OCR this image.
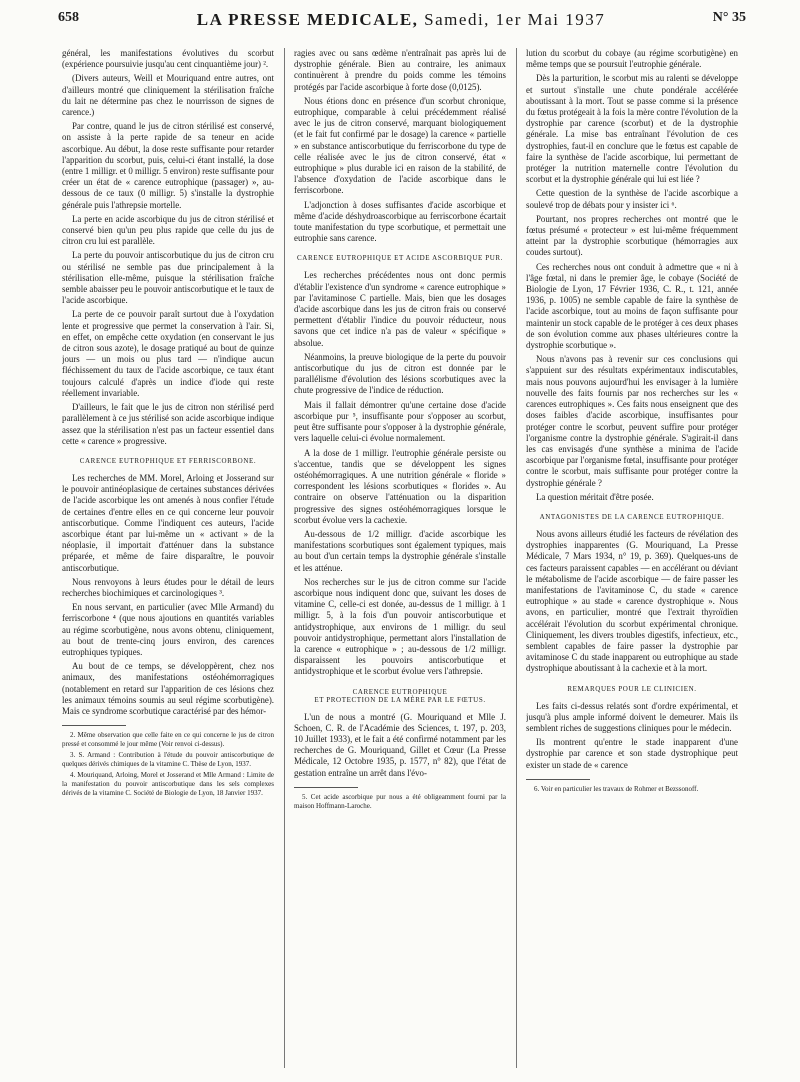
658	LA PRESSE MEDICALE, Samedi, 1er Mai 1937	N° 35

général, les manifestations évolutives du scorbut (expérience poursuivie jusqu'au cent cinquantième jour) ².

(Divers auteurs, Weill et Mouriquand entre autres, ont d'ailleurs montré que cliniquement la stérilisation fraîche du lait ne détermine pas chez le nourrisson de signes de carence.)

Par contre, quand le jus de citron stérilisé est conservé, on assiste à la perte rapide de sa teneur en acide ascorbique. Au début, la dose reste suffisante pour retarder l'apparition du scorbut, puis, celui-ci étant installé, la dose (entre 1 milligr. et 0 milligr. 5 environ) reste suffisante pour créer un état de « carence eutrophique (passager) », au-dessous de ce taux (0 milligr. 5) s'installe la dystrophie générale puis l'athrepsie mortelle.

La perte en acide ascorbique du jus de citron stérilisé et conservé bien qu'un peu plus rapide que celle du jus de citron cru lui est parallèle.

La perte du pouvoir antiscorbutique du jus de citron cru ou stérilisé ne semble pas due principalement à la stérilisation elle-même, puisque la stérilisation fraîche semble abaisser peu le pouvoir antiscorbutique et le taux de l'acide ascorbique.

La perte de ce pouvoir paraît surtout due à l'oxydation lente et progressive que permet la conservation à l'air. Si, en effet, on empêche cette oxydation (en conservant le jus de citron sous azote), le dosage pratiqué au bout de quinze jours — un mois ou plus tard — n'indique aucun fléchissement du taux de l'acide ascorbique, ce taux étant toujours calculé d'après un indice d'iode qui reste réellement invariable.

D'ailleurs, le fait que le jus de citron non stérilisé perd parallèlement à ce jus stérilisé son acide ascorbique indique assez que la stérilisation n'est pas un facteur essentiel dans cette « carence » progressive.

CARENCE EUTROPHIQUE ET FERRISCORBONE.

Les recherches de MM. Morel, Arloing et Josserand sur le pouvoir antinéoplasique de certaines substances dérivées de l'acide ascorbique les ont amenés à nous confier l'étude de certaines d'entre elles en ce qui concerne leur pouvoir antiscorbutique. Comme l'indiquent ces auteurs, l'acide ascorbique étant par lui-même un « activant » de la néoplasie, il importait d'atténuer dans la substance préparée, et même de faire disparaître, le pouvoir antiscorbutique.

Nous renvoyons à leurs études pour le détail de leurs recherches biochimiques et carcinologiques ³.

En nous servant, en particulier (avec Mlle Armand) du ferriscorbone ⁴ (que nous ajoutions en quantités variables au régime scorbutigène, nous avons obtenu, cliniquement, au bout de trente-cinq jours environ, des carences eutrophiques typiques.

Au bout de ce temps, se développèrent, chez nos animaux, des manifestations ostéohémorragiques (notablement en retard sur l'apparition de ces lésions chez les animaux témoins soumis au seul régime scorbutigène). Mais ce syndrome scorbutique caractérisé par des hémor-

2. Même observation que celle faite en ce qui concerne le jus de citron pressé et consommé le jour même (Voir renvoi ci-dessus).

3. S. Armand : Contribution à l'étude du pouvoir antiscorbutique de quelques dérivés chimiques de la vitamine C. Thèse de Lyon, 1937.

4. Mouriquand, Arloing, Morel et Josserand et Mlle Armand : Limite de la manifestation du pouvoir antiscorbutique dans les sels complexes dérivés de la vitamine C. Société de Biologie de Lyon, 18 Janvier 1937.

ragies avec ou sans œdème n'entraînait pas après lui de dystrophie générale. Bien au contraire, les animaux continuèrent à prendre du poids comme les témoins protégés par l'acide ascorbique à forte dose (0,0125).

Nous étions donc en présence d'un scorbut chronique, eutrophique, comparable à celui précédemment réalisé avec le jus de citron conservé, marquant biologiquement (et le fait fut confirmé par le dosage) la carence « partielle » en substance antiscorbutique du ferriscorbone du type de celle réalisée avec le jus de citron conservé, état « eutrophique » plus durable ici en raison de la stabilité, de l'absence d'oxydation de l'acide ascorbique dans le ferriscorbone.

L'adjonction à doses suffisantes d'acide ascorbique et même d'acide déshydroascorbique au ferriscorbone écartait toute manifestation du type scorbutique, et permettait une eutrophie sans carence.

CARENCE EUTROPHIQUE ET ACIDE ASCORBIQUE PUR.

Les recherches précédentes nous ont donc permis d'établir l'existence d'un syndrome « carence eutrophique » par l'avitaminose C partielle. Mais, bien que les dosages d'acide ascorbique dans les jus de citron frais ou conservé permettent d'établir l'indice du pouvoir réducteur, nous savons que cet indice n'a pas de valeur « spécifique » absolue.

Néanmoins, la preuve biologique de la perte du pouvoir antiscorbutique du jus de citron est donnée par le parallélisme d'évolution des lésions scorbutiques avec la chute progressive de l'indice de réduction.

Mais il fallait démontrer qu'une certaine dose d'acide ascorbique pur ⁵, insuffisante pour s'opposer au scorbut, peut être suffisante pour s'opposer à la dystrophie générale, vers laquelle celui-ci évolue normalement.

A la dose de 1 milligr. l'eutrophie générale persiste ou s'accentue, tandis que se développent les signes ostéohémorragiques. A une nutrition générale « floride » correspondent les lésions scorbutiques « florides ». Au contraire on observe l'atténuation ou la disparition progressive des signes ostéohémorragiques lorsque le scorbut évolue vers la cachexie.

Au-dessous de 1/2 milligr. d'acide ascorbique les manifestations scorbutiques sont également typiques, mais au bout d'un certain temps la dystrophie générale s'installe et les atténue.

Nos recherches sur le jus de citron comme sur l'acide ascorbique nous indiquent donc que, suivant les doses de vitamine C, celle-ci est donée, au-dessus de 1 milligr. à 1 milligr. 5, à la fois d'un pouvoir antiscorbutique et antidystrophique, aux environs de 1 milligr. du seul pouvoir antidystrophique, permettant alors l'installation de la carence « eutrophique » ; au-dessous de 1/2 milligr. disparaissent les pouvoirs antiscorbutique et antidystrophique et le scorbut évolue vers l'athrepsie.

CARENCE EUTROPHIQUE
ET PROTECTION DE LA MÈRE PAR LE FŒTUS.

L'un de nous a montré (G. Mouriquand et Mlle J. Schoen, C. R. de l'Académie des Sciences, t. 197, p. 203, 10 Juillet 1933), et le fait a été confirmé notamment par les recherches de G. Mouriquand, Gillet et Cœur (La Presse Médicale, 12 Octobre 1935, p. 1577, n° 82), que l'état de gestation entraîne un arrêt dans l'évo-

5. Cet acide ascorbique pur nous a été obligeamment fourni par la maison Hoffmann-Laroche.

lution du scorbut du cobaye (au régime scorbutigène) en même temps que se poursuit l'eutrophie générale.

Dès la parturition, le scorbut mis au ralenti se développe et surtout s'installe une chute pondérale accélérée aboutissant à la mort. Tout se passe comme si la présence du fœtus protégeait à la fois la mère contre l'évolution de la dystrophie par carence (scorbut) et de la dystrophie générale. La mise bas entraînant l'évolution de ces dystrophies, faut-il en conclure que le fœtus est capable de faire la synthèse de l'acide ascorbique, lui permettant de protéger la nutrition maternelle contre l'évolution du scorbut et la dystrophie générale qui lui est liée ?

Cette question de la synthèse de l'acide ascorbique a soulevé trop de débats pour y insister ici ⁶.

Pourtant, nos propres recherches ont montré que le fœtus présumé « protecteur » est lui-même fréquemment atteint par la dystrophie scorbutique (hémorragies aux coudes surtout).

Ces recherches nous ont conduit à admettre que « ni à l'âge fœtal, ni dans le premier âge, le cobaye (Société de Biologie de Lyon, 17 Février 1936, C. R., t. 121, année 1936, p. 1005) ne semble capable de faire la synthèse de l'acide ascorbique, tout au moins de façon suffisante pour maintenir un stock capable de le protéger à ces deux phases de son évolution comme aux phases ultérieures contre la dystrophie scorbutique ».

Nous n'avons pas à revenir sur ces conclusions qui s'appuient sur des résultats expérimentaux indiscutables, mais nous pouvons aujourd'hui les envisager à la lumière nouvelle des faits fournis par nos recherches sur les « carences eutrophiques ». Ces faits nous enseignent que des doses faibles d'acide ascorbique, insuffisantes pour protéger contre le scorbut, peuvent suffire pour protéger l'organisme contre la dystrophie générale. S'agirait-il dans les cas envisagés d'une synthèse a minima de l'acide ascorbique par l'organisme fœtal, insuffisante pour protéger contre le scorbut, mais suffisante pour protéger contre la dystrophie générale ?

La question méritait d'être posée.

ANTAGONISTES DE LA CARENCE EUTROPHIQUE.

Nous avons ailleurs étudié les facteurs de révélation des dystrophies inapparentes (G. Mouriquand, La Presse Médicale, 7 Mars 1934, n° 19, p. 369). Quelques-uns de ces facteurs paraissent capables — en accélérant ou déviant le métabolisme de l'acide ascorbique — de faire passer les manifestations de l'avitaminose C, du stade « carence eutrophique » au stade « carence dystrophique ». Nous avons, en particulier, montré que l'extrait thyroïdien accélérait l'évolution du scorbut expérimental chronique. Cliniquement, les divers troubles digestifs, infectieux, etc., semblent capables de faire passer la dystrophie par avitaminose C du stade inapparent ou eutrophique au stade dystrophique aboutissant à la cachexie et à la mort.

REMARQUES POUR LE CLINICIEN.

Les faits ci-dessus relatés sont d'ordre expérimental, et jusqu'à plus ample informé doivent le demeurer. Mais ils semblent riches de suggestions cliniques pour le médecin.

Ils montrent qu'entre le stade inapparent d'une dystrophie par carence et son stade dystrophique peut exister un stade de « carence

6. Voir en particulier les travaux de Rohmer et Bezssonoff.
